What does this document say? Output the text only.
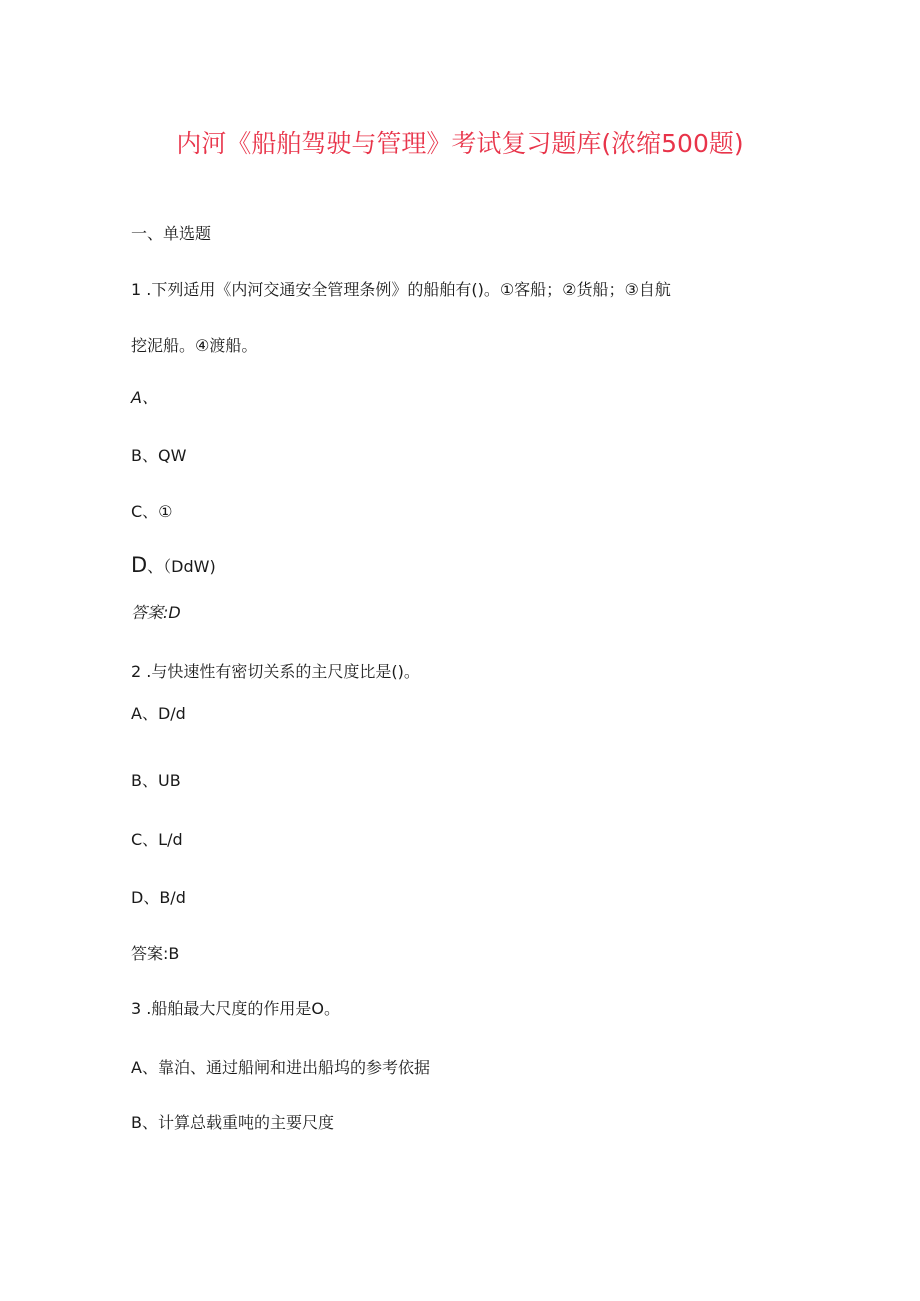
内河《船舶驾驶与管理》考试复习题库(浓缩500题)
一、单选题
1 .下列适用《内河交通安全管理条例》的船舶有()。①客船；②货船；③自航
挖泥船。④渡船。
A、
B、QW
C、①
D、（DdW)
答案:D
2 .与快速性有密切关系的主尺度比是()。
A、D/d
B、UB
C、L/d
D、B/d
答案:B
3 .船舶最大尺度的作用是O。
A、靠泊、通过船闸和进出船坞的参考依据
B、计算总载重吨的主要尺度
